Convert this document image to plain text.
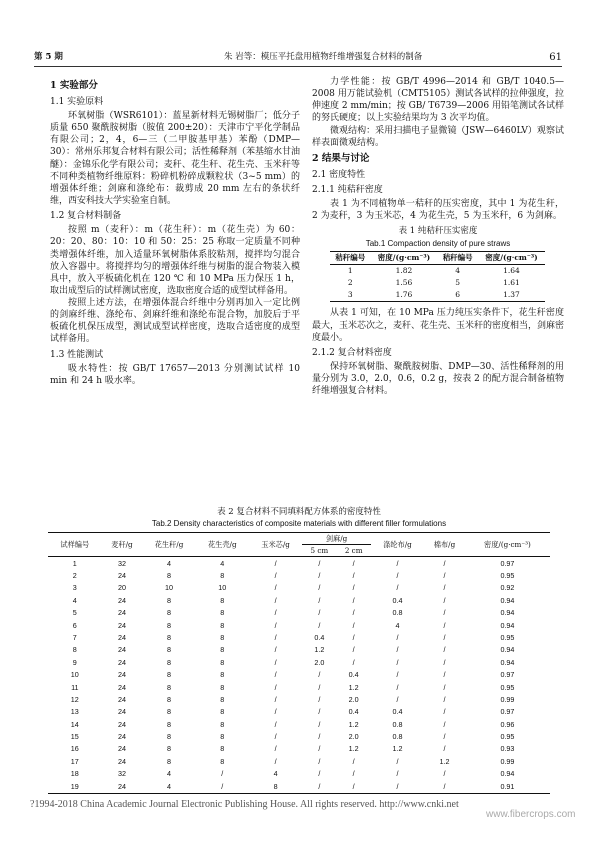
第 5 期	朱 岩等：模压平托盘用植物纤维增强复合材料的制备	61
1 实验部分
1.1 实验原料

环氧树脂（WSR6101）：蓝星新材料无锡树脂厂；低分子质量 650 聚酰胺树脂（胺值 200±20）：天津市宁平化学制品有限公司；2，4，6—三（二甲胺基甲基）苯酚（DMP—30）：常州乐邦复合材料有限公司；活性稀释剂（苯基缩水甘油醚）：金锦乐化学有限公司；麦秆、花生秆、花生壳、玉米秆等不同种类植物纤维原料：粉碎机粉碎成颗粒状（3~5 mm）的增强体纤维；剑麻和涤纶布：裁剪成 20 mm 左右的条状纤维，西安科技大学实验室自制。

1.2 复合材料制备

按照 m（麦秆）：m（花生秆）：m（花生壳）为 60：20：20、80：10：10 和 50：25：25 称取一定质量不同种类增强体纤维，加入适量环氧树脂体系胶粘剂，搅拌均匀混合放入容器中。将搅拌均匀的增强体纤维与树脂的混合物装入模具中，放入平板硫化机在 120 ℃ 和 10 MPa 压力保压 1 h，取出成型后的试样测试密度，选取密度合适的成型试样备用。

按照上述方法，在增强体混合纤维中分别再加入一定比例的剑麻纤维、涤纶布、剑麻纤维和涤纶布混合物，加胶后于平板硫化机保压成型，测试成型试样密度，选取合适密度的成型试样备用。

1.3 性能测试

吸水特性：按 GB/T 17657—2013 分别测试试样 10 min 和 24 h 吸水率。

力学性能：按 GB/T 4996—2014 和 GB/T 1040.5—2008 用万能试验机（CMT5105）测试各试样的拉伸强度，拉伸速度 2 mm/min；按 GB/ T6739—2006 用铅笔测试各试样的努氏硬度；以上实验结果均为 3 次平均值。

微观结构：采用扫描电子显微镜（JSW—6460LV）观察试样表面微观结构。

2 结果与讨论
2.1 密度特性
2.1.1 纯秸秆密度

表 1 为不同植物单一秸秆的压实密度，其中 1 为花生秆，2 为麦秆，3 为玉米芯，4 为花生壳，5 为玉米秆，6 为剑麻。

表 1 纯秸秆压实密度
Tab.1 Compaction density of pure straws
秸秆编号	密度/(g·cm⁻³)	秸秆编号	密度/(g·cm⁻³)
1	1.82	4	1.64
2	1.56	5	1.61
3	1.76	6	1.37

从表 1 可知，在 10 MPa 压力纯压实条件下，花生秆密度最大，玉米芯次之，麦秆、花生壳、玉米秆的密度相当，剑麻密度最小。

2.1.2 复合材料密度

保持环氧树脂、聚酰胺树脂、DMP—30、活性稀释剂的用量分别为 3.0，2.0，0.6，0.2 g，按表 2 的配方混合制备植物纤维增强复合材料。

表 2 复合材料不同填料配方体系的密度特性
Tab.2 Density characteristics of composite materials with different filler formulations
试样编号	麦秆/g	花生秆/g	花生壳/g	玉米芯/g	剑麻/g		涤纶布/g	棉布/g	密度/(g·cm⁻³)
					5 cm	2 cm			
1	32	4	4	/	/	/	/	/	0.97
2	24	8	8	/	/	/	/	/	0.95
3	20	10	10	/	/	/	/	/	0.92
4	24	8	8	/	/	/	0.4	/	0.94
5	24	8	8	/	/	/	0.8	/	0.94
6	24	8	8	/	/	/	4	/	0.94
7	24	8	8	/	0.4	/	/	/	0.95
8	24	8	8	/	1.2	/	/	/	0.94
9	24	8	8	/	2.0	/	/	/	0.94
10	24	8	8	/	/	0.4	/	/	0.97
11	24	8	8	/	/	1.2	/	/	0.95
12	24	8	8	/	/	2.0	/	/	0.99
13	24	8	8	/	/	0.4	0.4	/	0.97
14	24	8	8	/	/	1.2	0.8	/	0.96
15	24	8	8	/	/	2.0	0.8	/	0.95
16	24	8	8	/	/	1.2	1.2	/	0.93
17	24	8	8	/	/	/	/	1.2	0.99
18	32	4	/	4	/	/	/	/	0.94
19	24	4	/	8	/	/	/	/	0.91
?1994-2018 China Academic Journal Electronic Publishing House. All rights reserved. http://www.cnki.net
www.fibercrops.com
